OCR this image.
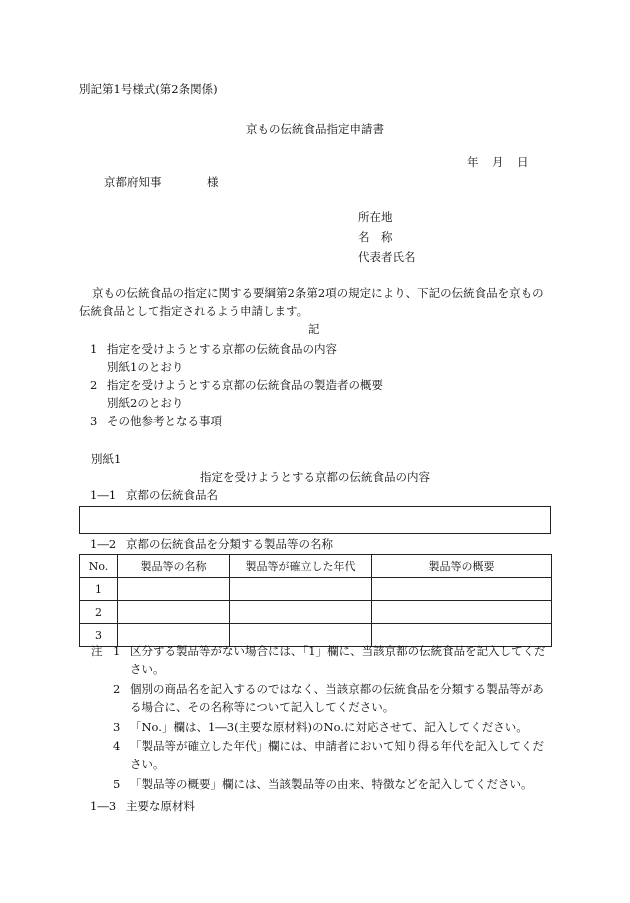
別記第1号様式(第2条関係)
京もの伝統食品指定申請書
年　月　日
京都府知事	様
所在地
名　称
代表者氏名
京もの伝統食品の指定に関する要綱第2条第2項の規定により、下記の伝統食品を京もの
伝統食品として指定されるよう申請します。
記
1 指定を受けようとする京都の伝統食品の内容
別紙1のとおり
2 指定を受けようとする京都の伝統食品の製造者の概要
別紙2のとおり
3 その他参考となる事項
別紙1
指定を受けようとする京都の伝統食品の内容
1―1 京都の伝統食品名
1―2 京都の伝統食品を分類する製品等の名称
No.	製品等の名称	製品等が確立した年代	製品等の概要
1			
2			
3			
注 1 区分する製品等がない場合には、「1」欄に、当該京都の伝統食品を記入してくだ
さい。
2 個別の商品名を記入するのではなく、当該京都の伝統食品を分類する製品等があ
る場合に、その名称等について記入してください。
3 「No.」欄は、1―3(主要な原材料)のNo.に対応させて、記入してください。
4 「製品等が確立した年代」欄には、申請者において知り得る年代を記入してくだ
さい。
5 「製品等の概要」欄には、当該製品等の由来、特徴などを記入してください。
1―3 主要な原材料
